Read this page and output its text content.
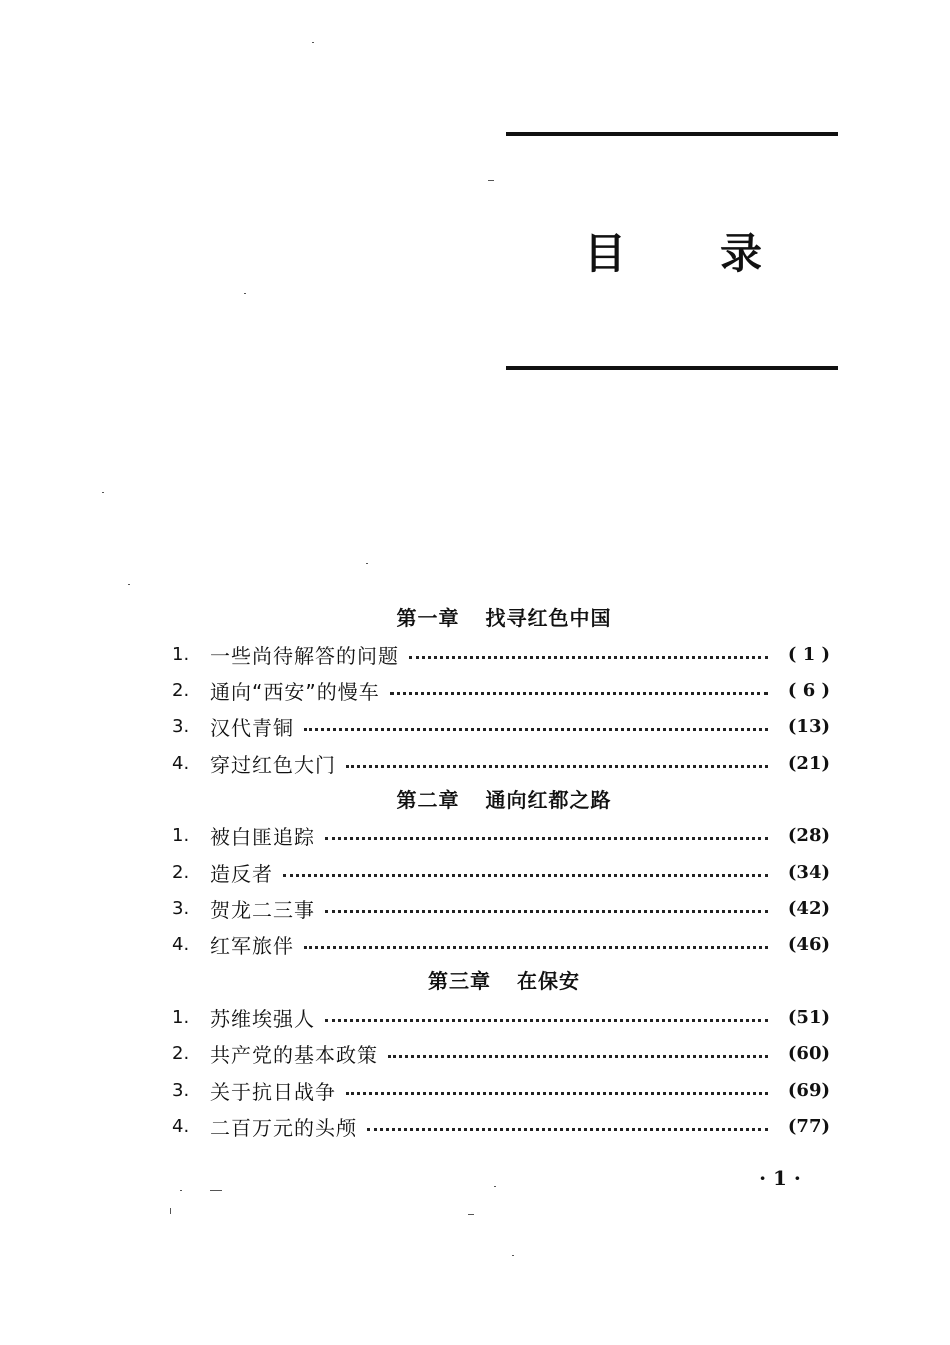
目 录
第一章 找寻红色中国
1.	一些尚待解答的问题	( 1 )
2.	通向“西安”的慢车	( 6 )
3.	汉代青铜	(13)
4.	穿过红色大门	(21)
第二章 通向红都之路
1.	被白匪追踪	(28)
2.	造反者	(34)
3.	贺龙二三事	(42)
4.	红军旅伴	(46)
第三章 在保安
1.	苏维埃强人	(51)
2.	共产党的基本政策	(60)
3.	关于抗日战争	(69)
4.	二百万元的头颅	(77)
· 1 ·
